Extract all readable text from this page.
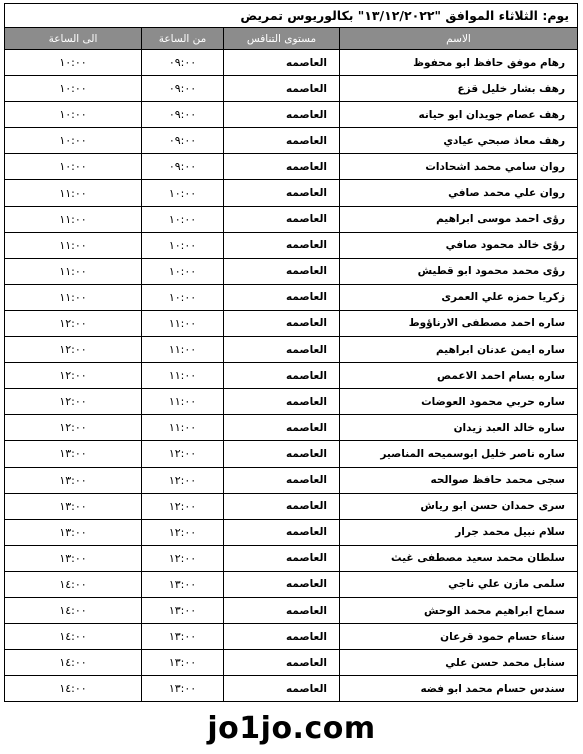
يوم: الثلاثاء الموافق "١٣/١٢/٢٠٢٢" بكالوريوس تمريض			
الاسم	مستوى التنافس	من الساعة	الى الساعة
رهام موفق حافظ ابو محفوظ	العاصمه	٠٩:٠٠	١٠:٠٠
رهف بشار خليل قزع	العاصمه	٠٩:٠٠	١٠:٠٠
رهف عصام جويدان ابو حيانه	العاصمه	٠٩:٠٠	١٠:٠٠
رهف معاذ صبحي عيادي	العاصمه	٠٩:٠٠	١٠:٠٠
روان سامي محمد اشحادات	العاصمه	٠٩:٠٠	١٠:٠٠
روان علي محمد صافي	العاصمه	١٠:٠٠	١١:٠٠
رؤى احمد موسى ابراهيم	العاصمه	١٠:٠٠	١١:٠٠
رؤى خالد محمود صافي	العاصمه	١٠:٠٠	١١:٠٠
رؤى محمد محمود ابو قطيش	العاصمه	١٠:٠٠	١١:٠٠
زكريا حمزه علي العمرى	العاصمه	١٠:٠٠	١١:٠٠
ساره احمد مصطفى الارناؤوط	العاصمه	١١:٠٠	١٢:٠٠
ساره ايمن عدنان ابراهيم	العاصمه	١١:٠٠	١٢:٠٠
ساره بسام احمد الاعمص	العاصمه	١١:٠٠	١٢:٠٠
ساره حربي محمود العوضات	العاصمه	١١:٠٠	١٢:٠٠
ساره خالد العبد زيدان	العاصمه	١١:٠٠	١٢:٠٠
ساره ناصر خليل ابوسميحه المناصير	العاصمه	١٢:٠٠	١٣:٠٠
سجى محمد حافظ صوالحه	العاصمه	١٢:٠٠	١٣:٠٠
سرى حمدان حسن ابو رياش	العاصمه	١٢:٠٠	١٣:٠٠
سلام نبيل محمد جرار	العاصمه	١٢:٠٠	١٣:٠٠
سلطان محمد سعيد مصطفى غيث	العاصمه	١٢:٠٠	١٣:٠٠
سلمى مازن علي ناجي	العاصمه	١٣:٠٠	١٤:٠٠
سماح ابراهيم محمد الوحش	العاصمه	١٣:٠٠	١٤:٠٠
سناء حسام حمود قرعان	العاصمه	١٣:٠٠	١٤:٠٠
سنابل محمد حسن علي	العاصمه	١٣:٠٠	١٤:٠٠
سندس حسام محمد ابو فضه	العاصمه	١٣:٠٠	١٤:٠٠
jo1jo.com
